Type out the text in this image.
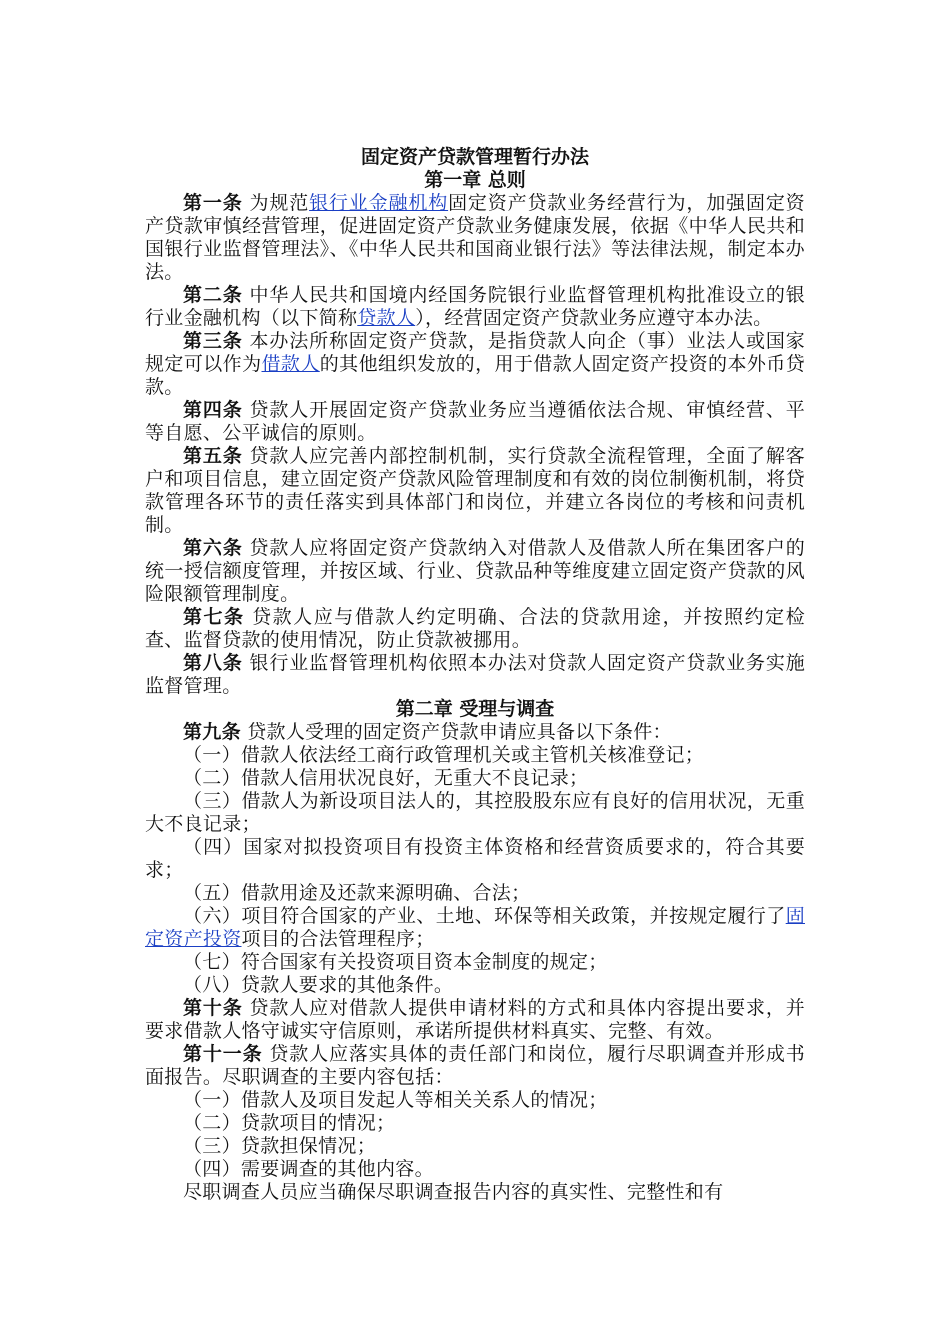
固定资产贷款管理暂行办法

第一章 总则

第一条 为规范银行业金融机构固定资产贷款业务经营行为，加强固定资产贷款审慎经营管理，促进固定资产贷款业务健康发展，依据《中华人民共和国银行业监督管理法》、《中华人民共和国商业银行法》等法律法规，制定本办法。

第二条 中华人民共和国境内经国务院银行业监督管理机构批准设立的银行业金融机构（以下简称贷款人），经营固定资产贷款业务应遵守本办法。

第三条 本办法所称固定资产贷款，是指贷款人向企（事）业法人或国家规定可以作为借款人的其他组织发放的，用于借款人固定资产投资的本外币贷款。

第四条 贷款人开展固定资产贷款业务应当遵循依法合规、审慎经营、平等自愿、公平诚信的原则。

第五条 贷款人应完善内部控制机制，实行贷款全流程管理，全面了解客户和项目信息，建立固定资产贷款风险管理制度和有效的岗位制衡机制，将贷款管理各环节的责任落实到具体部门和岗位，并建立各岗位的考核和问责机制。

第六条 贷款人应将固定资产贷款纳入对借款人及借款人所在集团客户的统一授信额度管理，并按区域、行业、贷款品种等维度建立固定资产贷款的风险限额管理制度。

第七条 贷款人应与借款人约定明确、合法的贷款用途，并按照约定检查、监督贷款的使用情况，防止贷款被挪用。

第八条 银行业监督管理机构依照本办法对贷款人固定资产贷款业务实施监督管理。

第二章 受理与调查

第九条 贷款人受理的固定资产贷款申请应具备以下条件：

（一）借款人依法经工商行政管理机关或主管机关核准登记；

（二）借款人信用状况良好，无重大不良记录；

（三）借款人为新设项目法人的，其控股股东应有良好的信用状况，无重大不良记录；

（四）国家对拟投资项目有投资主体资格和经营资质要求的，符合其要求；

（五）借款用途及还款来源明确、合法；

（六）项目符合国家的产业、土地、环保等相关政策，并按规定履行了固定资产投资项目的合法管理程序；

（七）符合国家有关投资项目资本金制度的规定；

（八）贷款人要求的其他条件。

第十条 贷款人应对借款人提供申请材料的方式和具体内容提出要求，并要求借款人恪守诚实守信原则，承诺所提供材料真实、完整、有效。

第十一条 贷款人应落实具体的责任部门和岗位，履行尽职调查并形成书面报告。尽职调查的主要内容包括：

（一）借款人及项目发起人等相关关系人的情况；

（二）贷款项目的情况；

（三）贷款担保情况；

（四）需要调查的其他内容。

尽职调查人员应当确保尽职调查报告内容的真实性、完整性和有
